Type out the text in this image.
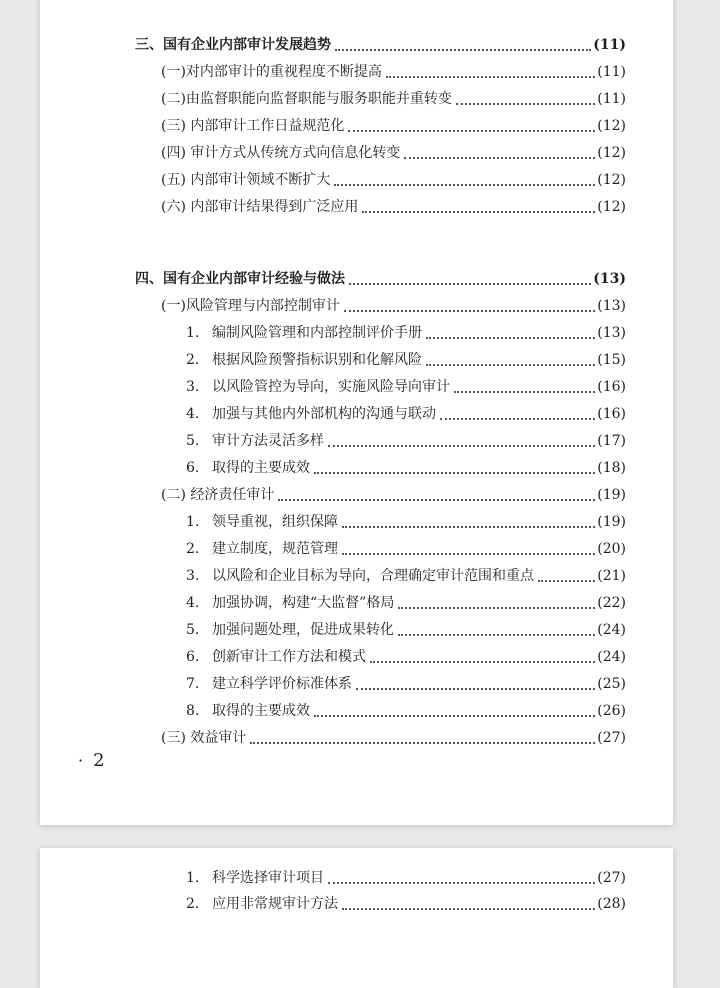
三、国有企业内部审计发展趋势	(11)
(一)对内部审计的重视程度不断提高	(11)
(二)由监督职能向监督职能与服务职能并重转变	(11)
(三) 内部审计工作日益规范化	(12)
(四) 审计方式从传统方式向信息化转变	(12)
(五) 内部审计领域不断扩大	(12)
(六) 内部审计结果得到广泛应用	(12)
四、国有企业内部审计经验与做法	(13)
(一)风险管理与内部控制审计	(13)
1. 编制风险管理和内部控制评价手册	(13)
2. 根据风险预警指标识别和化解风险	(15)
3. 以风险管控为导向，实施风险导向审计	(16)
4. 加强与其他内外部机构的沟通与联动	(16)
5. 审计方法灵活多样	(17)
6. 取得的主要成效	(18)
(二) 经济责任审计	(19)
1. 领导重视，组织保障	(19)
2. 建立制度，规范管理	(20)
3. 以风险和企业目标为导向，合理确定审计范围和重点	(21)
4. 加强协调，构建“大监督”格局	(22)
5. 加强问题处理，促进成果转化	(24)
6. 创新审计工作方法和模式	(24)
7. 建立科学评价标准体系	(25)
8. 取得的主要成效	(26)
(三) 效益审计	(27)
· 2
1. 科学选择审计项目	(27)
2. 应用非常规审计方法	(28)
